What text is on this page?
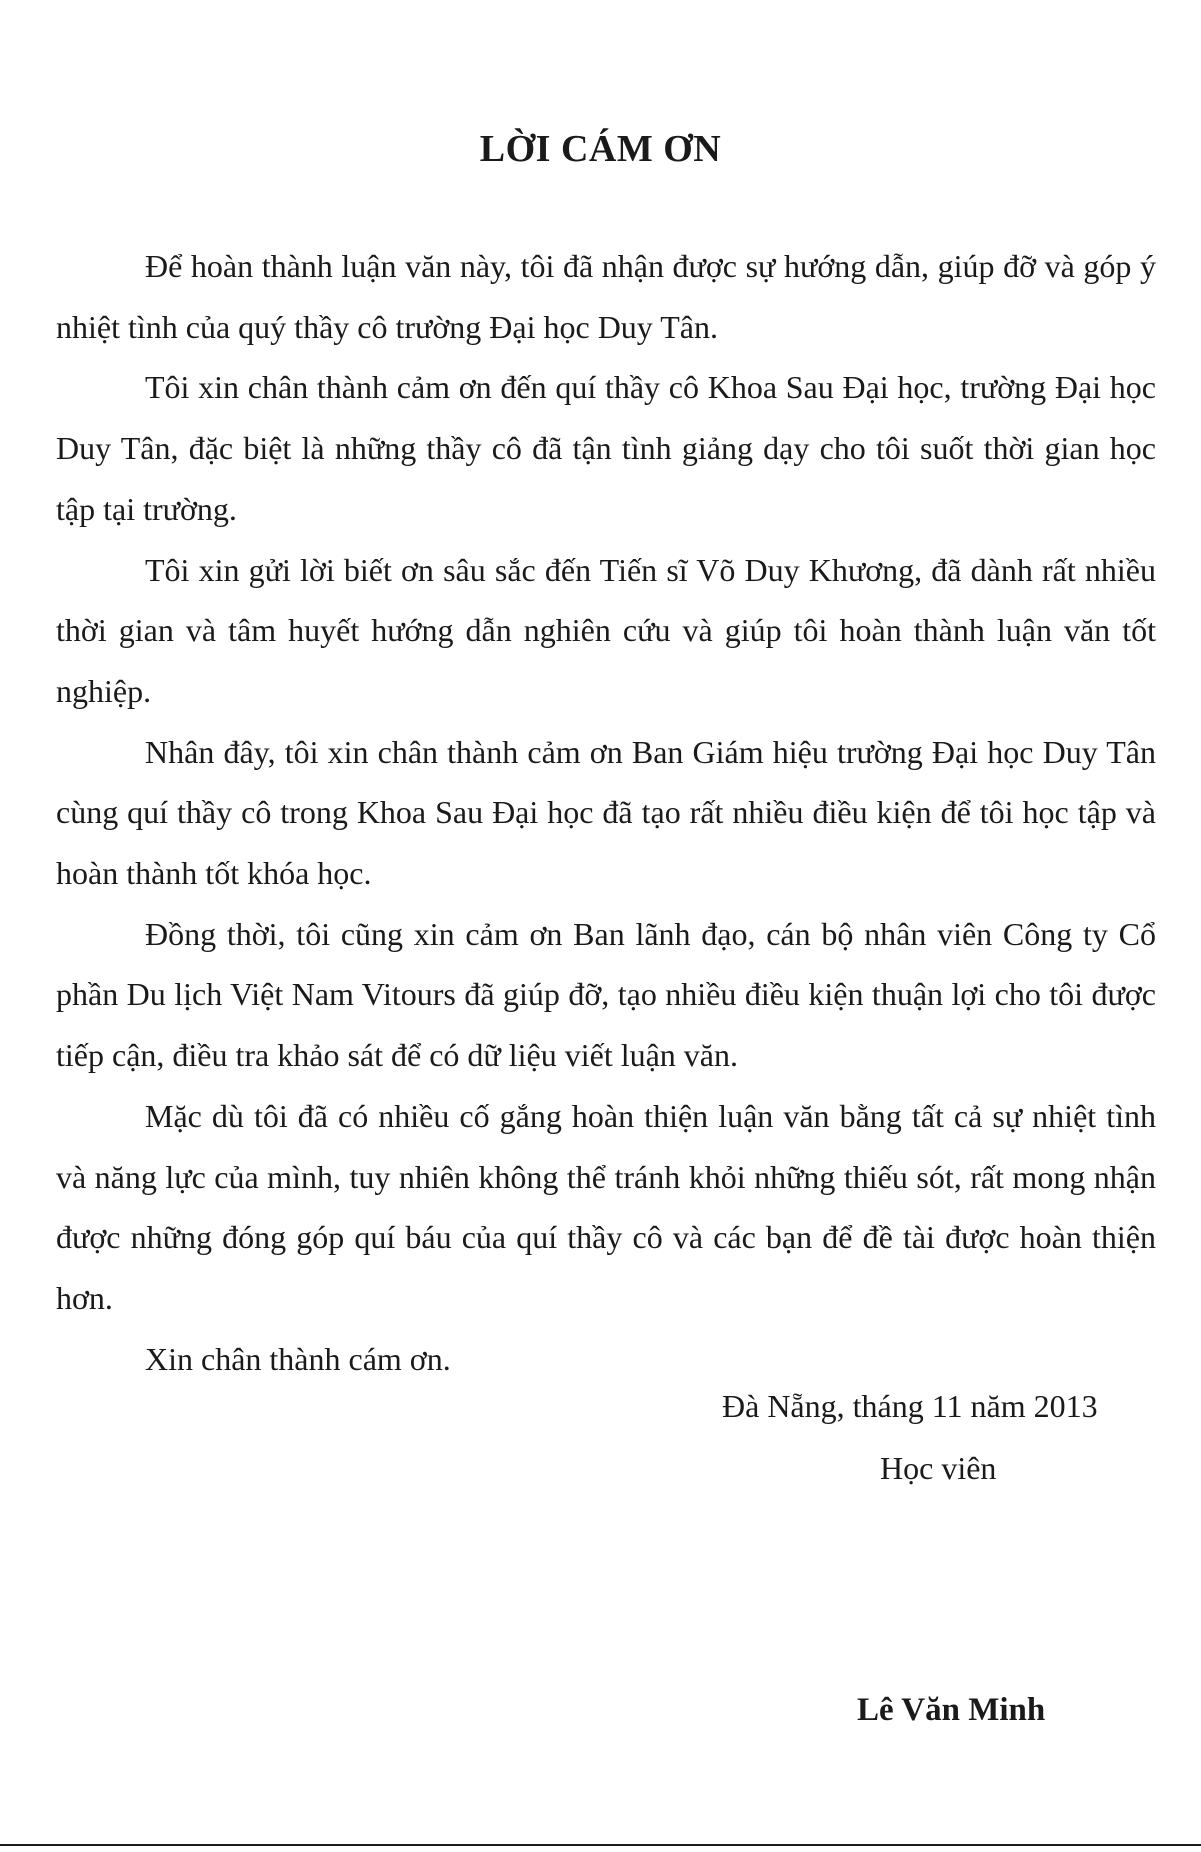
LỜI CÁM ƠN

Để hoàn thành luận văn này, tôi đã nhận được sự hướng dẫn, giúp đỡ và góp ý nhiệt tình của quý thầy cô trường Đại học Duy Tân.

Tôi xin chân thành cảm ơn đến quí thầy cô Khoa Sau Đại học, trường Đại học Duy Tân, đặc biệt là những thầy cô đã tận tình giảng dạy cho tôi suốt thời gian học tập tại trường.

Tôi xin gửi lời biết ơn sâu sắc đến Tiến sĩ Võ Duy Khương, đã dành rất nhiều thời gian và tâm huyết hướng dẫn nghiên cứu và giúp tôi hoàn thành luận văn tốt nghiệp.

Nhân đây, tôi xin chân thành cảm ơn Ban Giám hiệu trường Đại học Duy Tân cùng quí thầy cô trong Khoa Sau Đại học đã tạo rất nhiều điều kiện để tôi học tập và hoàn thành tốt khóa học.

Đồng thời, tôi cũng xin cảm ơn Ban lãnh đạo, cán bộ nhân viên Công ty Cổ phần Du lịch Việt Nam Vitours đã giúp đỡ, tạo nhiều điều kiện thuận lợi cho tôi được tiếp cận, điều tra khảo sát để có dữ liệu viết luận văn.

Mặc dù tôi đã có nhiều cố gắng hoàn thiện luận văn bằng tất cả sự nhiệt tình và năng lực của mình, tuy nhiên không thể tránh khỏi những thiếu sót, rất mong nhận được những đóng góp quí báu của quí thầy cô và các bạn để đề tài được hoàn thiện hơn.

Xin chân thành cám ơn.

Đà Nẵng, tháng 11 năm 2013
Học viên
Lê Văn Minh
